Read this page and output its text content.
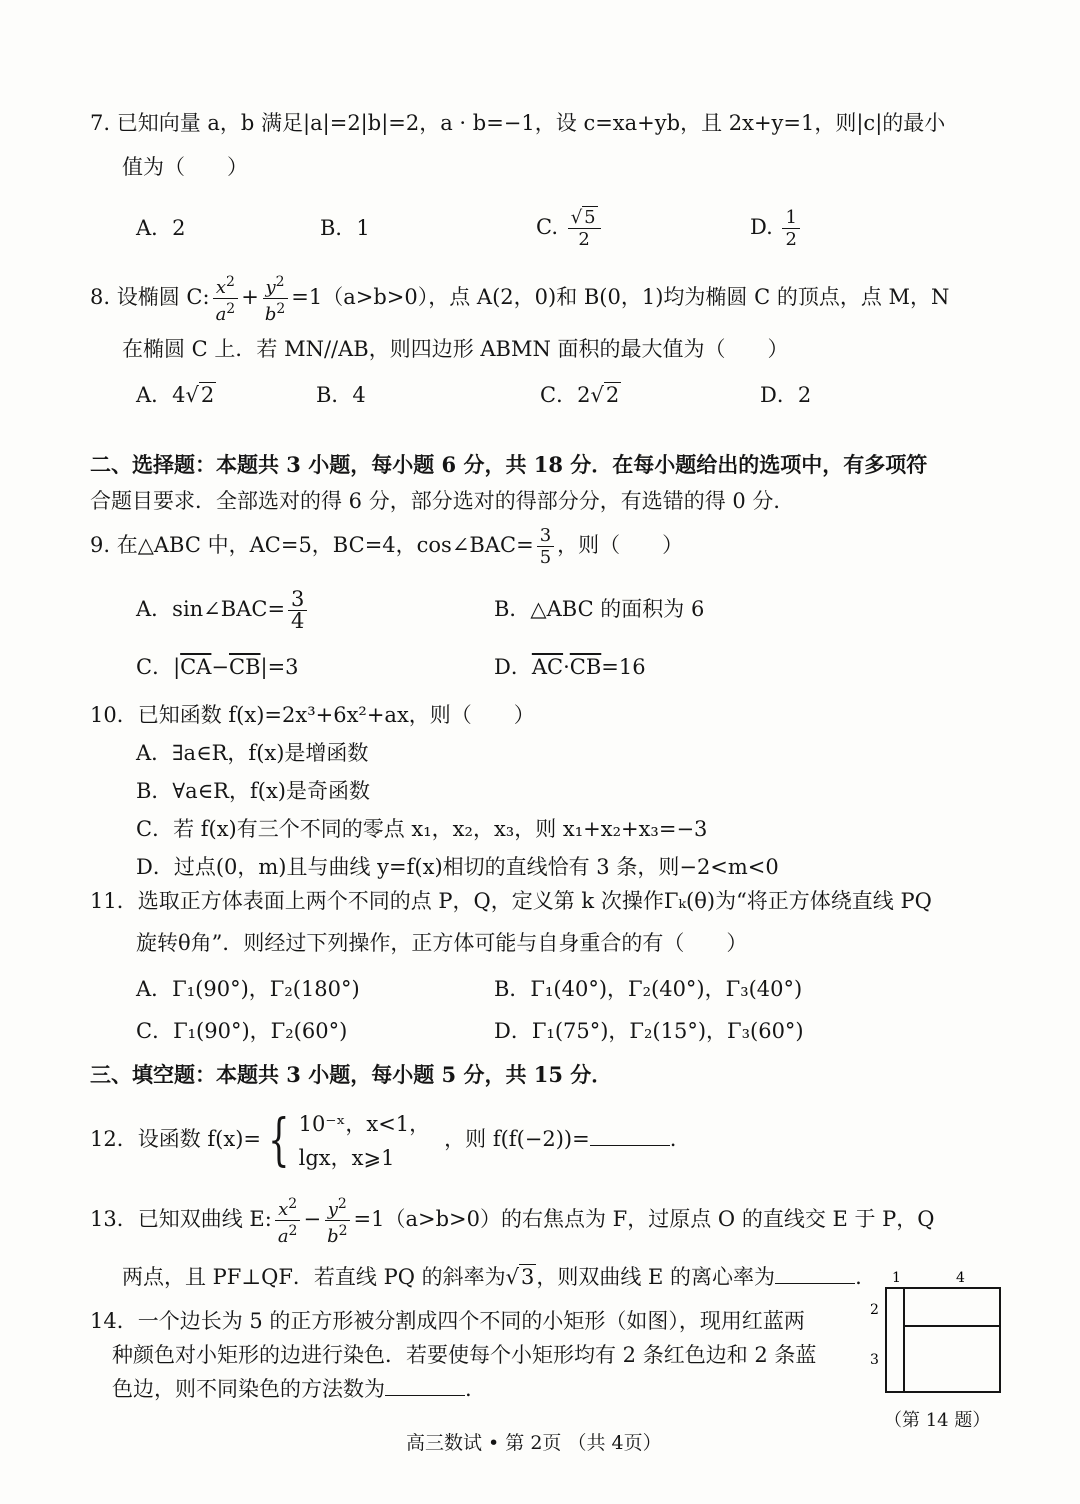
7. 已知向量 a，b 满足|a|=2|b|=2，a · b=−1，设 c=xa+yb，且 2x+y=1，则|c|的最小
值为（　　）
A．2	B．1	C. $\frac{√ 5}{2}$	D. $\frac{1}{2}$
8. 设椭圆 C: $\frac{x^2}{a^2} + \frac{y^2}{b^2} =1(a>b>0)$，点 A(2，0)和 B(0，1)均为椭圆 C 的顶点，点 M，N
在椭圆 C 上．若 MN//AB，则四边形 ABMN 面积的最大值为（　　）
A．4√2	B．4	C．2√2	D．2
二、选择题：本题共 3 小题，每小题 6 分，共 18 分．在每小题给出的选项中，有多项符
合题目要求．全部选对的得 6 分，部分选对的得部分分，有选错的得 0 分．
9. 在△ABC 中，AC=5，BC=4，cos∠BAC= $\frac{3}{5}$ ，则（　　）
A．sin∠BAC= $\frac{3}{4}$	B．△ABC 的面积为 6
C．$|\overline{CA}-\overline{CB}|=3$	D．$\overline{AC}\cdot\overline{CB}=16$
10．已知函数 f(x)=2x³+6x²+ax，则（　　）
A．∃a∈R，f(x)是增函数
B．∀a∈R，f(x)是奇函数
C．若 f(x)有三个不同的零点 x₁，x₂，x₃，则 x₁+x₂+x₃=−3
D．过点(0，m)且与曲线 y=f(x)相切的直线恰有 3 条，则−2<m<0
11．选取正方体表面上两个不同的点 P，Q，定义第 k 次操作Γₖ(θ)为“将正方体绕直线 PQ
旋转θ角”．则经过下列操作，正方体可能与自身重合的有（　　）
A．Γ₁(90°)，Γ₂(180°)	B．Γ₁(40°)，Γ₂(40°)，Γ₃(40°)
C．Γ₁(90°)，Γ₂(60°)	D．Γ₁(75°)，Γ₂(15°)，Γ₃(60°)
三、填空题：本题共 3 小题，每小题 5 分，共 15 分．
12．设函数 f(x)= { 10⁻ˣ，x<1，
lgx，x⩾1
，则 f(f(−2))=	.
13．已知双曲线 E: $\frac{x^2}{a^2} - \frac{y^2}{b^2} =1(a>b>0)$的右焦点为 F，过原点 O 的直线交 E 于 P，Q
两点，且 PF⊥QF．若直线 PQ 的斜率为√3，则双曲线 E 的离心率为	.
14．一个边长为 5 的正方形被分割成四个不同的小矩形（如图），现用红蓝两
种颜色对小矩形的边进行染色．若要使每个小矩形均有 2 条红色边和 2 条蓝
色边，则不同染色的方法数为	.
1	4
2
3
（第 14 题）
高三数试 • 第 2页 （共 4页）
